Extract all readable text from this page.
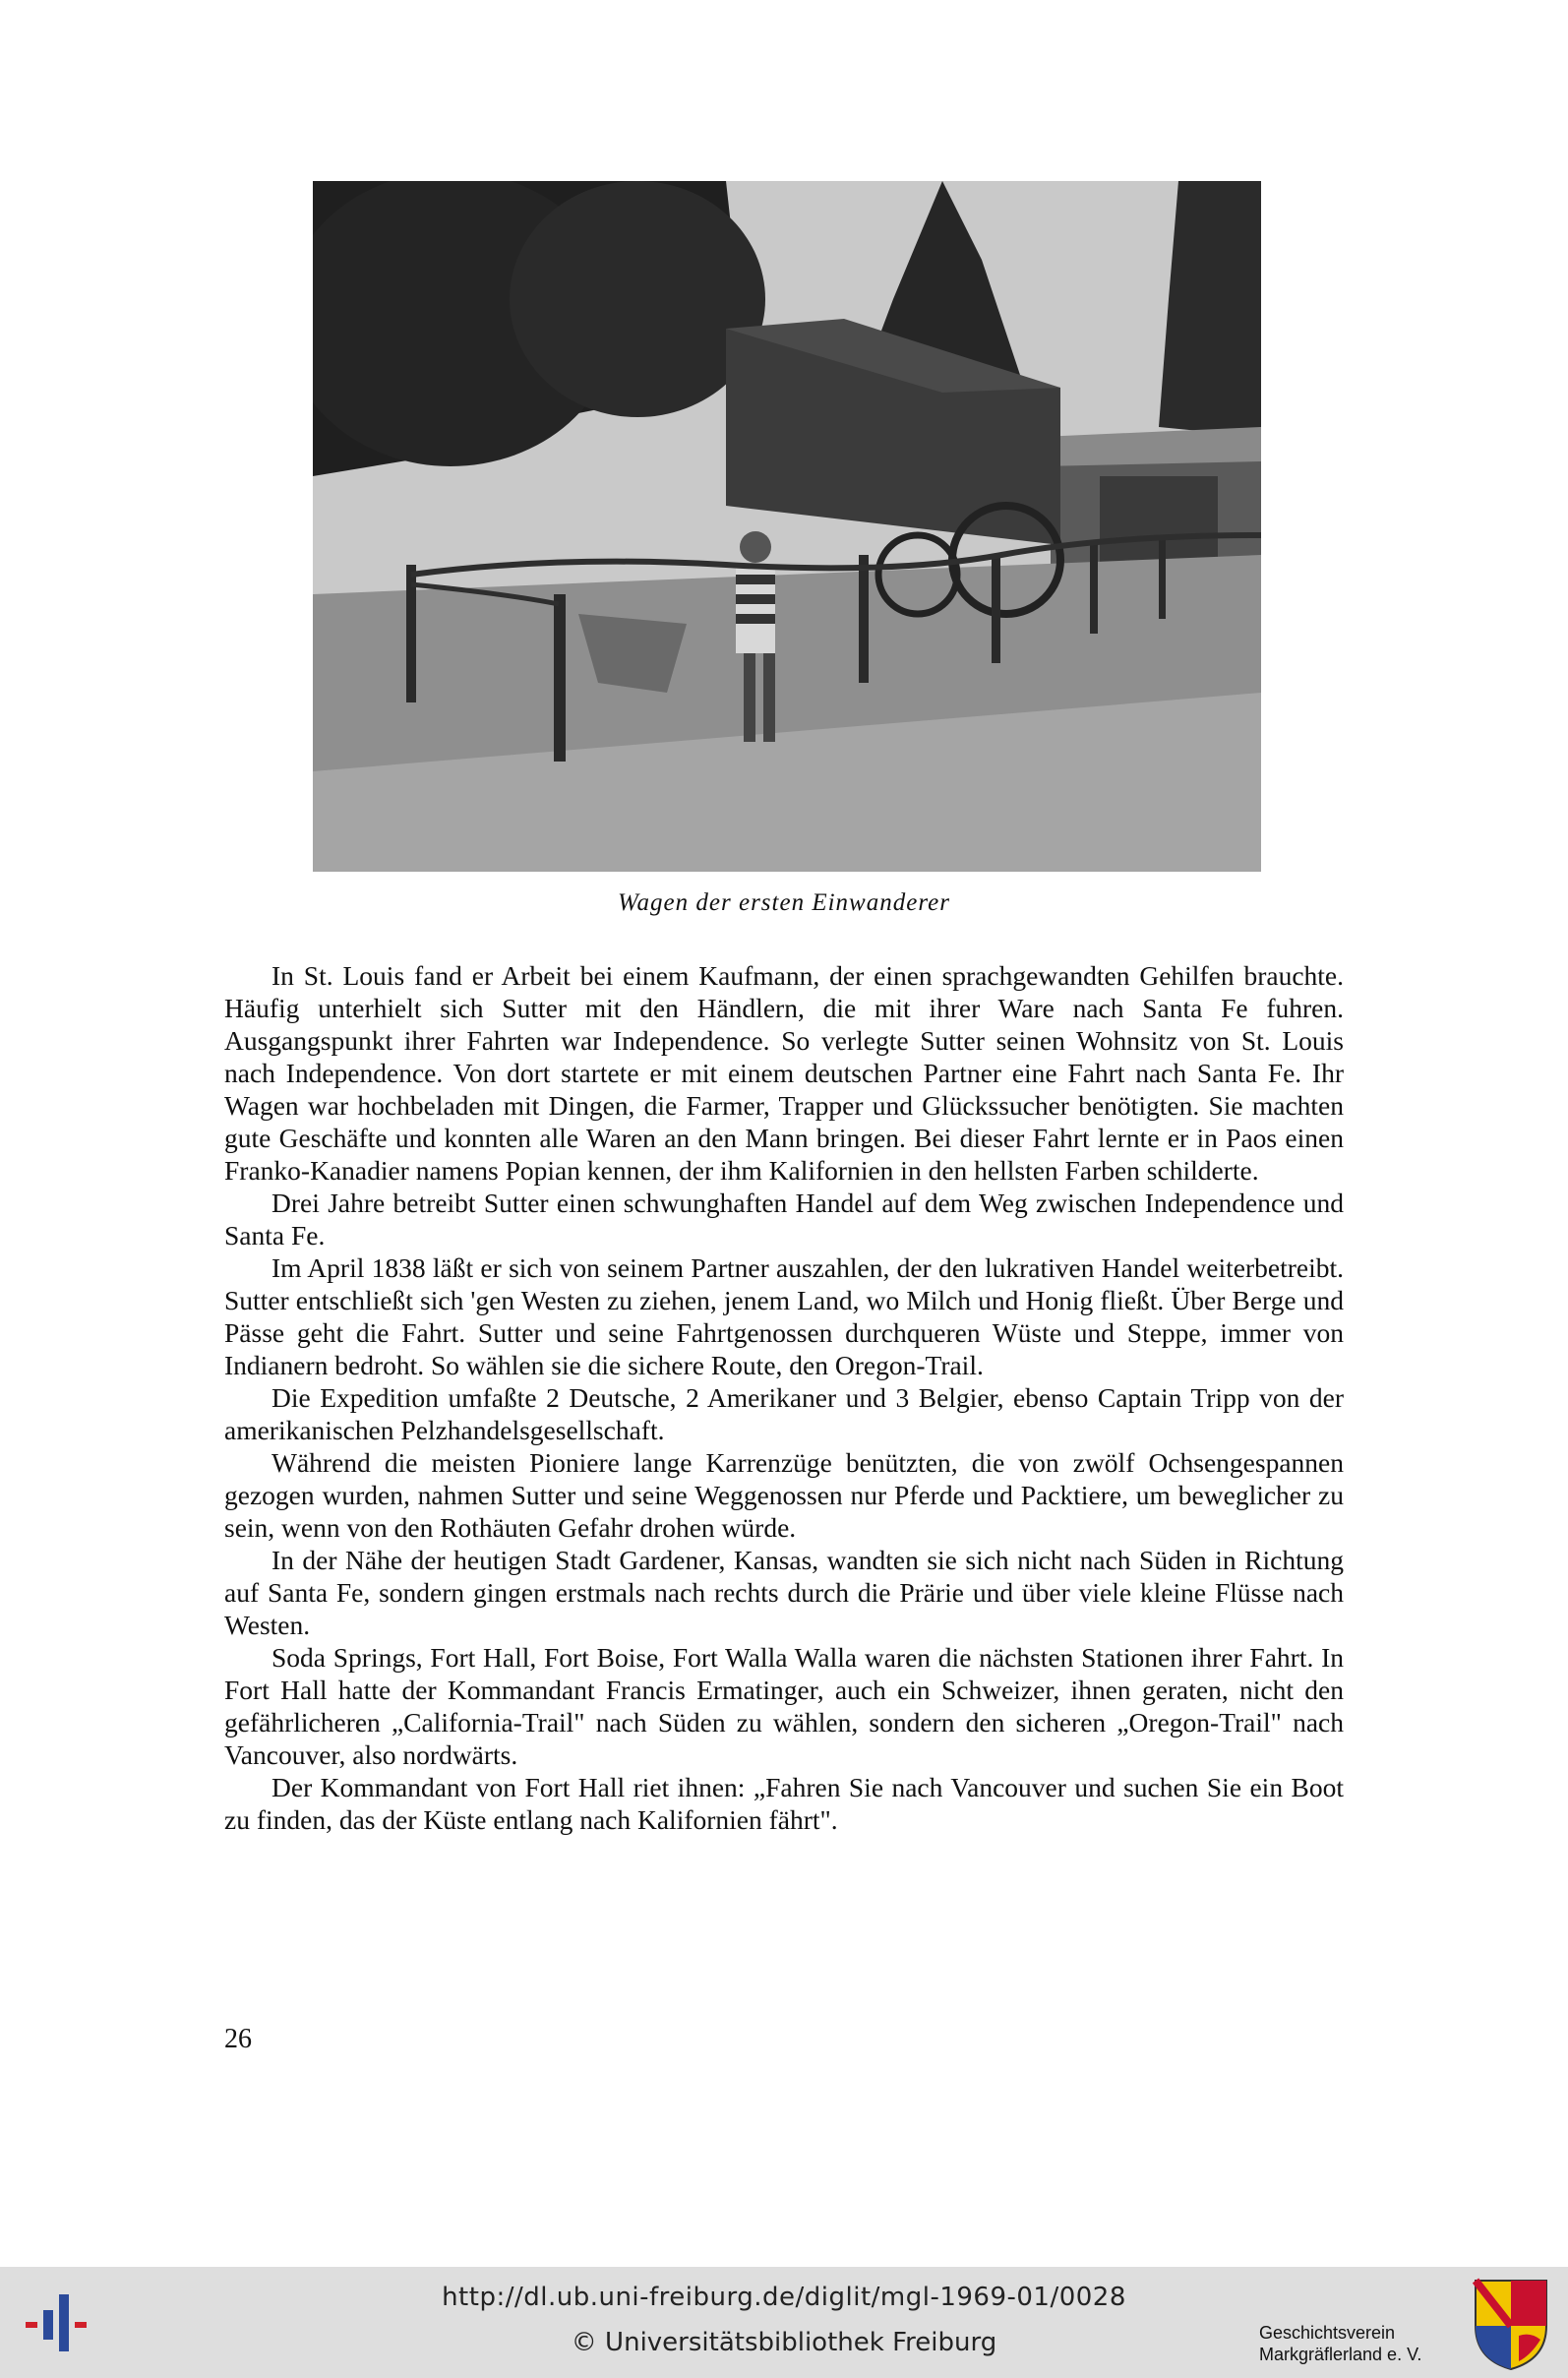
Wagen der ersten Einwanderer

In St. Louis fand er Arbeit bei einem Kaufmann, der einen sprachgewandten Gehilfen brauchte. Häufig unterhielt sich Sutter mit den Händlern, die mit ihrer Ware nach Santa Fe fuhren. Ausgangspunkt ihrer Fahrten war Independence. So verlegte Sutter seinen Wohnsitz von St. Louis nach Independence. Von dort startete er mit einem deutschen Partner eine Fahrt nach Santa Fe. Ihr Wagen war hochbeladen mit Dingen, die Farmer, Trapper und Glückssucher benötigten. Sie machten gute Geschäfte und konnten alle Waren an den Mann bringen. Bei dieser Fahrt lernte er in Paos einen Franko-Kanadier namens Popian kennen, der ihm Kalifornien in den hellsten Farben schilderte.

Drei Jahre betreibt Sutter einen schwunghaften Handel auf dem Weg zwischen Independence und Santa Fe.

Im April 1838 läßt er sich von seinem Partner auszahlen, der den lukrativen Handel weiterbetreibt. Sutter entschließt sich 'gen Westen zu ziehen, jenem Land, wo Milch und Honig fließt. Über Berge und Pässe geht die Fahrt. Sutter und seine Fahrtgenossen durchqueren Wüste und Steppe, immer von Indianern bedroht. So wählen sie die sichere Route, den Oregon-Trail.

Die Expedition umfaßte 2 Deutsche, 2 Amerikaner und 3 Belgier, ebenso Captain Tripp von der amerikanischen Pelzhandelsgesellschaft.

Während die meisten Pioniere lange Karrenzüge benützten, die von zwölf Ochsengespannen gezogen wurden, nahmen Sutter und seine Weggenossen nur Pferde und Packtiere, um beweglicher zu sein, wenn von den Rothäuten Gefahr drohen würde.

In der Nähe der heutigen Stadt Gardener, Kansas, wandten sie sich nicht nach Süden in Richtung auf Santa Fe, sondern gingen erstmals nach rechts durch die Prärie und über viele kleine Flüsse nach Westen.

Soda Springs, Fort Hall, Fort Boise, Fort Walla Walla waren die nächsten Stationen ihrer Fahrt. In Fort Hall hatte der Kommandant Francis Ermatinger, auch ein Schweizer, ihnen geraten, nicht den gefährlicheren „California-Trail" nach Süden zu wählen, sondern den sicheren „Oregon-Trail" nach Vancouver, also nordwärts.

Der Kommandant von Fort Hall riet ihnen: „Fahren Sie nach Vancouver und suchen Sie ein Boot zu finden, das der Küste entlang nach Kalifornien fährt".

26
http://dl.ub.uni-freiburg.de/diglit/mgl-1969-01/0028
© Universitätsbibliothek Freiburg	Geschichtsverein
Markgräflerland e. V.
